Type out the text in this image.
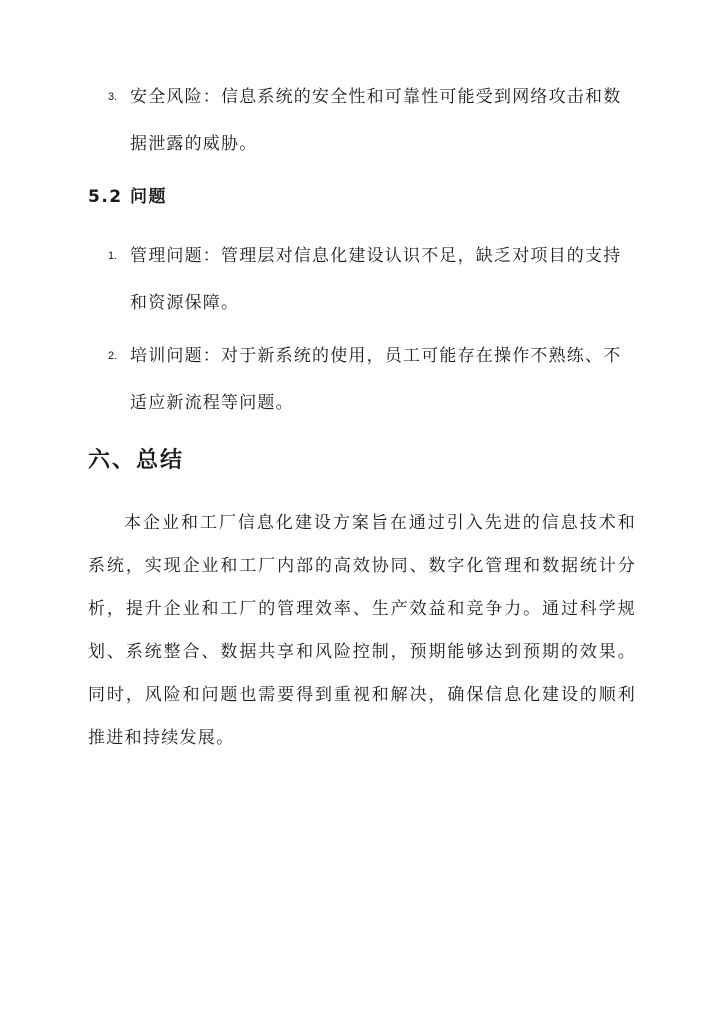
3. 安全风险：信息系统的安全性和可靠性可能受到网络攻击和数据泄露的威胁。
5.2 问题
1. 管理问题：管理层对信息化建设认识不足，缺乏对项目的支持和资源保障。
2. 培训问题：对于新系统的使用，员工可能存在操作不熟练、不适应新流程等问题。
六、总结
本企业和工厂信息化建设方案旨在通过引入先进的信息技术和系统，实现企业和工厂内部的高效协同、数字化管理和数据统计分析，提升企业和工厂的管理效率、生产效益和竞争力。通过科学规划、系统整合、数据共享和风险控制，预期能够达到预期的效果。同时，风险和问题也需要得到重视和解决，确保信息化建设的顺利推进和持续发展。
